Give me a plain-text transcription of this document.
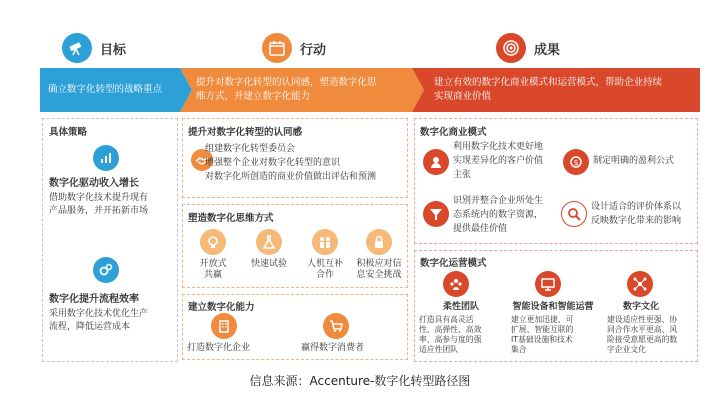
目标	行动	成果
确立数字化转型的战略重点
提升对数字化转型的认同感，塑造数字化思
维方式，并建立数字化能力
建立有效的数字化商业模式和运营模式，帮助企业持续
实现商业价值
具体策略
数字化驱动收入增长
借助数字化技术提升现有
产品服务，并开拓新市场
数字化提升流程效率
采用数字化技术优化生产
流程，降低运营成本
提升对数字化转型的认同感
组建数字化转型委员会
增强整个企业对数字化转型的意识
对数字化所创造的商业价值做出评估和预测
塑造数字化思维方式
开放式
共赢
快速试验	人机互补
合作
积极应对信
息安全挑战
建立数字化能力
打造数字化企业	赢得数字消费者
数字化商业模式
利用数字化技术更好地
实现差异化的客户价值
主张
$ 制定明确的盈利公式
识别并整合企业所处生
态系统内的数字资源，
提供最佳价值
设计适合的评价体系以
反映数字化带来的影响
数字化运营模式
柔性团队
打造具有高灵活
性、高弹性、高效
率、高参与度的强
适应性团队
智能设备和智能运营
建立更加迅捷、可
扩展、智能互联的
IT基础设施和技术
集合
数字文化
建设适应性更强、协
同合作水平更高、风
险接受意愿更高的数
字企业文化
信息来源：Accenture-数字化转型路径图
